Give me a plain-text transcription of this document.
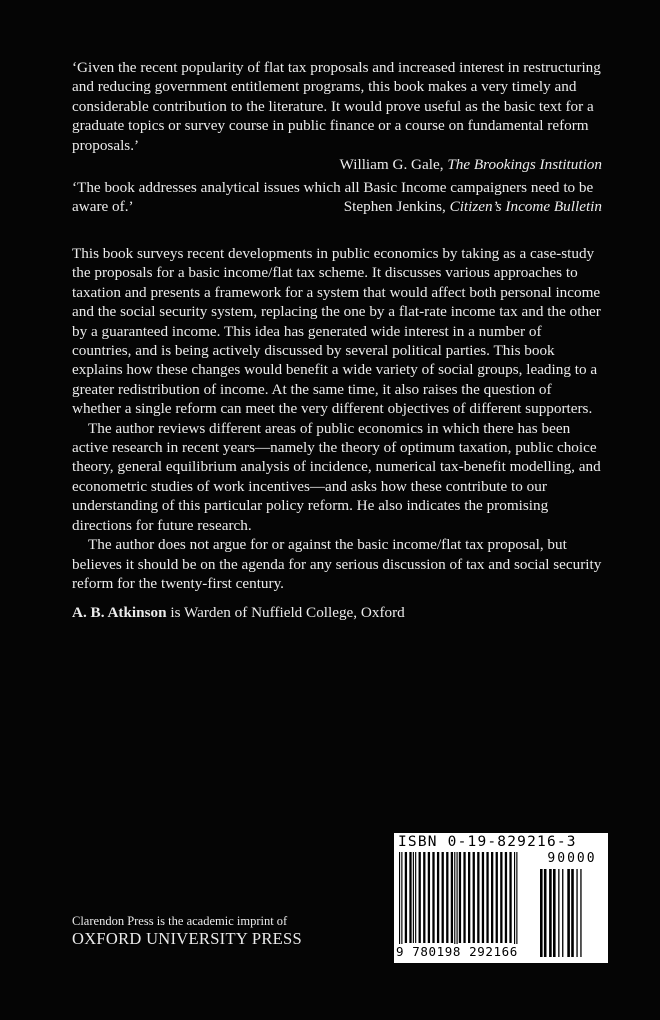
‘Given the recent popularity of flat tax proposals and increased interest in restructuring and reducing government entitlement programs, this book makes a very timely and considerable contribution to the literature. It would prove useful as the basic text for a graduate topics or survey course in public finance or a course on fundamental reform proposals.’

William G. Gale, The Brookings Institution

‘The book addresses analytical issues which all Basic Income campaigners need to be aware of.’	Stephen Jenkins, Citizen’s Income Bulletin

This book surveys recent developments in public economics by taking as a case-study the proposals for a basic income/flat tax scheme. It discusses various approaches to taxation and presents a framework for a system that would affect both personal income and the social security system, replacing the one by a flat-rate income tax and the other by a guaranteed income. This idea has generated wide interest in a number of countries, and is being actively discussed by several political parties. This book explains how these changes would benefit a wide variety of social groups, leading to a greater redistribution of income. At the same time, it also raises the question of whether a single reform can meet the very different objectives of different supporters.

The author reviews different areas of public economics in which there has been active research in recent years—namely the theory of optimum taxation, public choice theory, general equilibrium analysis of incidence, numerical tax-benefit modelling, and econometric studies of work incentives—and asks how these contribute to our understanding of this particular policy reform. He also indicates the promising directions for future research.

The author does not argue for or against the basic income/flat tax proposal, but believes it should be on the agenda for any serious discussion of tax and social security reform for the twenty-first century.

A. B. Atkinson is Warden of Nuffield College, Oxford

Clarendon Press is the academic imprint of
OXFORD UNIVERSITY PRESS
ISBN 0-19-829216-3
90000
9 780198 292166
